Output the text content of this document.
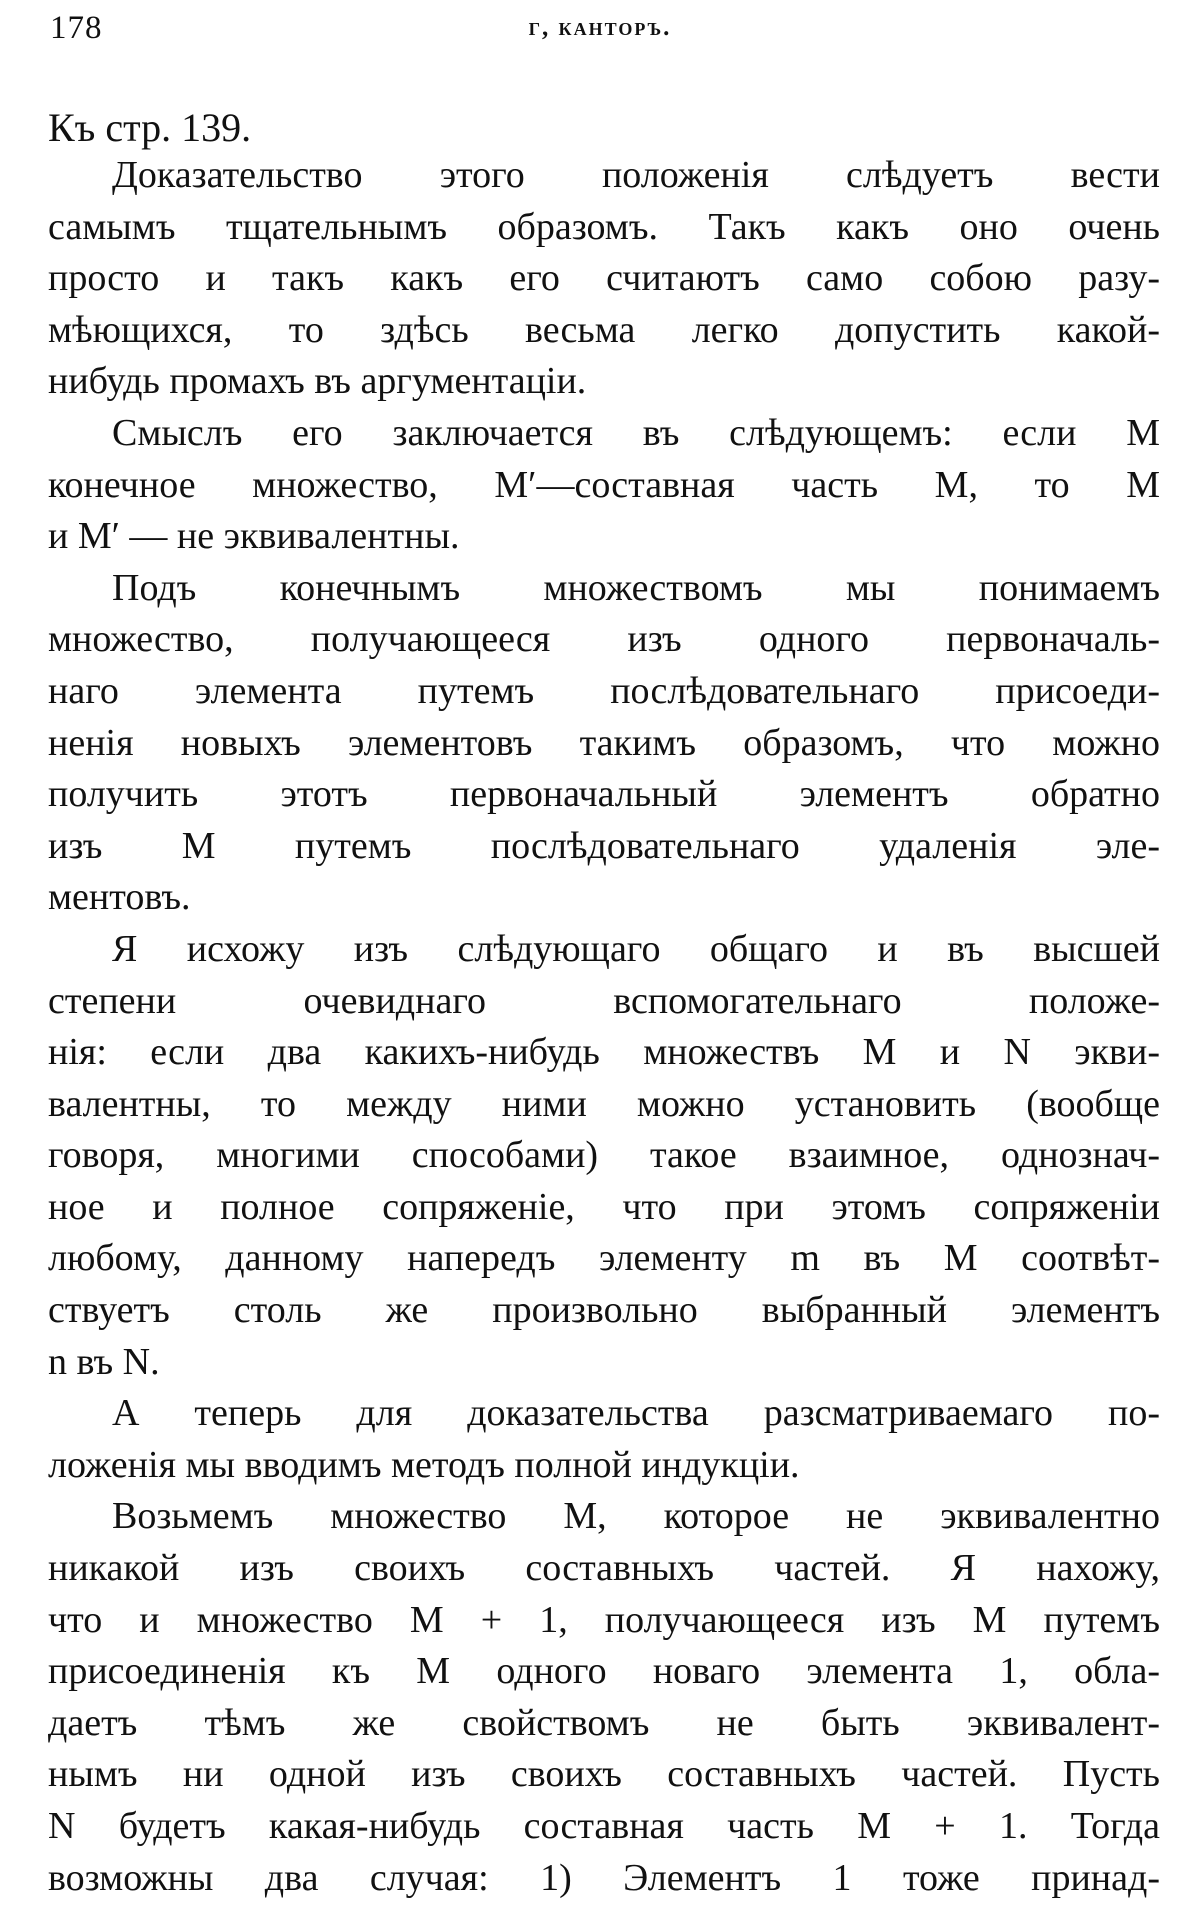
178	г, канторъ.
Къ стр. 139.
Доказательство этого положенія слѣдуетъ вести
самымъ тщательнымъ образомъ. Такъ какъ оно очень
просто и такъ какъ его считаютъ само собою разу-
мѣющихся, то здѣсь весьма легко допустить какой-
нибудь промахъ въ аргументаціи.
Смыслъ его заключается въ слѣдующемъ: если M
конечное множество, M′—составная часть M, то M
и M′ — не эквивалентны.
Подъ конечнымъ множествомъ мы понимаемъ
множество, получающееся изъ одного первоначаль-
наго элемента путемъ послѣдовательнаго присоеди-
ненія новыхъ элементовъ такимъ образомъ, что можно
получить этотъ первоначальный элементъ обратно
изъ M путемъ послѣдовательнаго удаленія эле-
ментовъ.
Я исхожу изъ слѣдующаго общаго и въ высшей
степени очевиднаго вспомогательнаго положе-
нія: если два какихъ-нибудь множествъ M и N экви-
валентны, то между ними можно установить (вообще
говоря, многими способами) такое взаимное, однознач-
ное и полное сопряженіе, что при этомъ сопряженіи
любому, данному напередъ элементу m въ M соотвѣт-
ствуетъ столь же произвольно выбранный элементъ
n въ N.
А теперь для доказательства разсматриваемаго по-
ложенія мы вводимъ методъ полной индукціи.
Возьмемъ множество M, которое не эквивалентно
никакой изъ своихъ составныхъ частей. Я нахожу,
что и множество M + 1, получающееся изъ M путемъ
присоединенія къ M одного новаго элемента 1, обла-
даетъ тѣмъ же свойствомъ не быть эквивалент-
нымъ ни одной изъ своихъ составныхъ частей. Пусть
N будетъ какая-нибудь составная часть M + 1. Тогда
возможны два случая: 1) Элементъ 1 тоже принад-
